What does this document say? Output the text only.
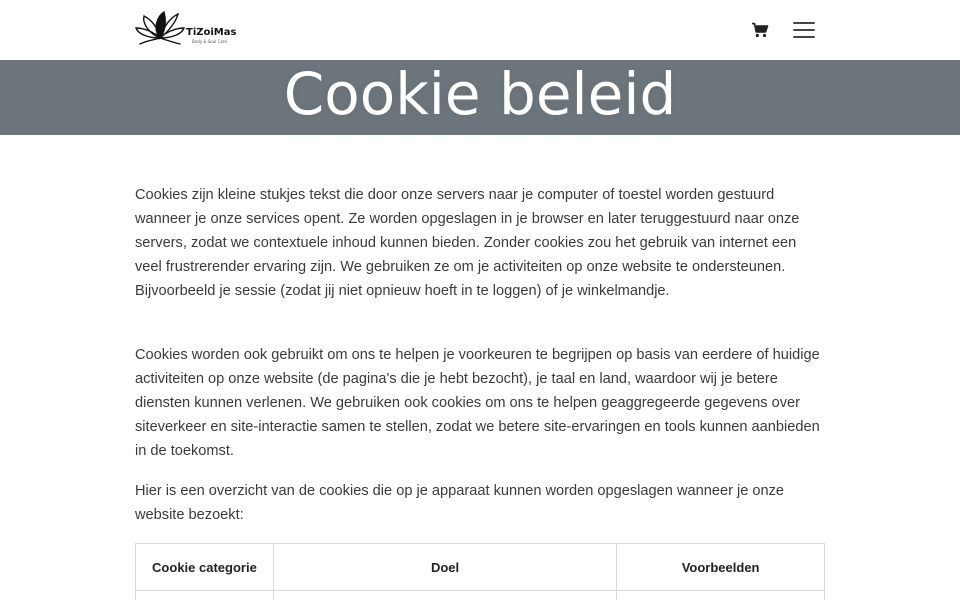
TiZoiMas
Body & Soul Care
Cookie beleid

Cookies zijn kleine stukjes tekst die door onze servers naar je computer of toestel worden gestuurd wanneer je onze services opent. Ze worden opgeslagen in je browser en later teruggestuurd naar onze servers, zodat we contextuele inhoud kunnen bieden. Zonder cookies zou het gebruik van internet een veel frustrerender ervaring zijn. We gebruiken ze om je activiteiten op onze website te ondersteunen. Bijvoorbeeld je sessie (zodat jij niet opnieuw hoeft in te loggen) of je winkelmandje.

Cookies worden ook gebruikt om ons te helpen je voorkeuren te begrijpen op basis van eerdere of huidige activiteiten op onze website (de pagina's die je hebt bezocht), je taal en land, waardoor wij je betere diensten kunnen verlenen. We gebruiken ook cookies om ons te helpen geaggregeerde gegevens over siteverkeer en site-interactie samen te stellen, zodat we betere site-ervaringen en tools kunnen aanbieden in de toekomst.

Hier is een overzicht van de cookies die op je apparaat kunnen worden opgeslagen wanneer je onze website bezoekt:

Cookie categorie	Doel	Voorbeelden
